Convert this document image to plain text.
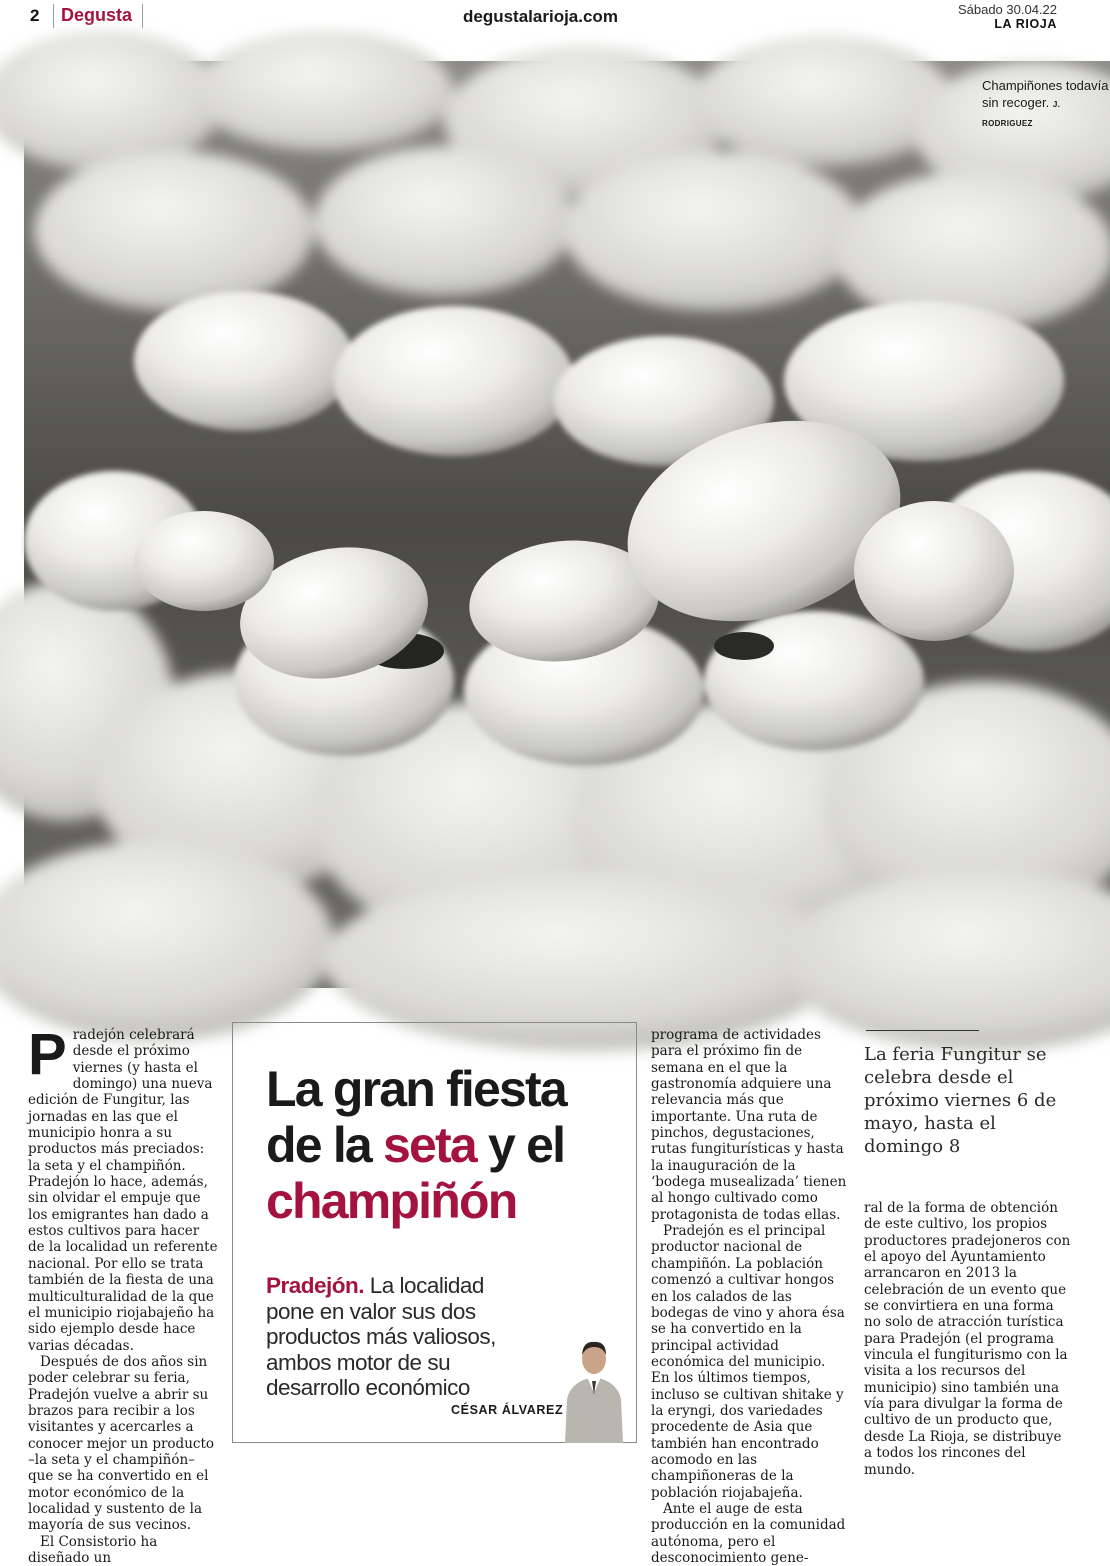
2 Degusta	degustalarioja.com	Sábado 30.04.22
LA RIOJA
Champiñones todavía sin recoger. J. RODRIGUEZ

Pradejón celebrará desde el próximo viernes (y hasta el domingo) una nueva edición de Fungitur, las jornadas en las que el municipio honra a su productos más preciados: la seta y el champiñón. Pradejón lo hace, además, sin olvidar el empuje que los emigrantes han dado a estos cultivos para hacer de la localidad un referente nacional. Por ello se trata también de la fiesta de una multiculturalidad de la que el municipio riojabajeño ha sido ejemplo desde hace varias décadas.

Después de dos años sin poder celebrar su feria, Pradejón vuelve a abrir su brazos para recibir a los visitantes y acercarles a conocer mejor un producto –la seta y el champiñón– que se ha convertido en el motor económico de la localidad y sustento de la mayoría de sus vecinos.

El Consistorio ha diseñado un

La gran fiesta
de la seta y el
champiñón
Pradejón. La localidad pone en valor sus dos productos más valiosos, ambos motor de su desarrollo económico
CÉSAR ÁLVAREZ

programa de actividades para el próximo fin de semana en el que la gastronomía adquiere una relevancia más que importante. Una ruta de pinchos, degustaciones, rutas fungiturísticas y hasta la inauguración de la ‘bodega musealizada’ tienen al hongo cultivado como protagonista de todas ellas.

Pradejón es el principal productor nacional de champiñón. La población comenzó a cultivar hongos en los calados de las bodegas de vino y ahora ésa se ha convertido en la principal actividad económica del municipio. En los últimos tiempos, incluso se cultivan shitake y la eryngi, dos variedades procedente de Asia que también han encontrado acomodo en las champiñoneras de la población riojabajeña.

Ante el auge de esta producción en la comunidad autónoma, pero el desconocimiento gene-

La feria Fungitur se celebra desde el próximo viernes 6 de mayo, hasta el domingo 8

ral de la forma de obtención de este cultivo, los propios productores pradejoneros con el apoyo del Ayuntamiento arrancaron en 2013 la celebración de un evento que se convirtiera en una forma no solo de atracción turística para Pradejón (el programa vincula el fungiturismo con la visita a los recursos del municipio) sino también una vía para divulgar la forma de cultivo de un producto que, desde La Rioja, se distribuye a todos los rincones del mundo.
